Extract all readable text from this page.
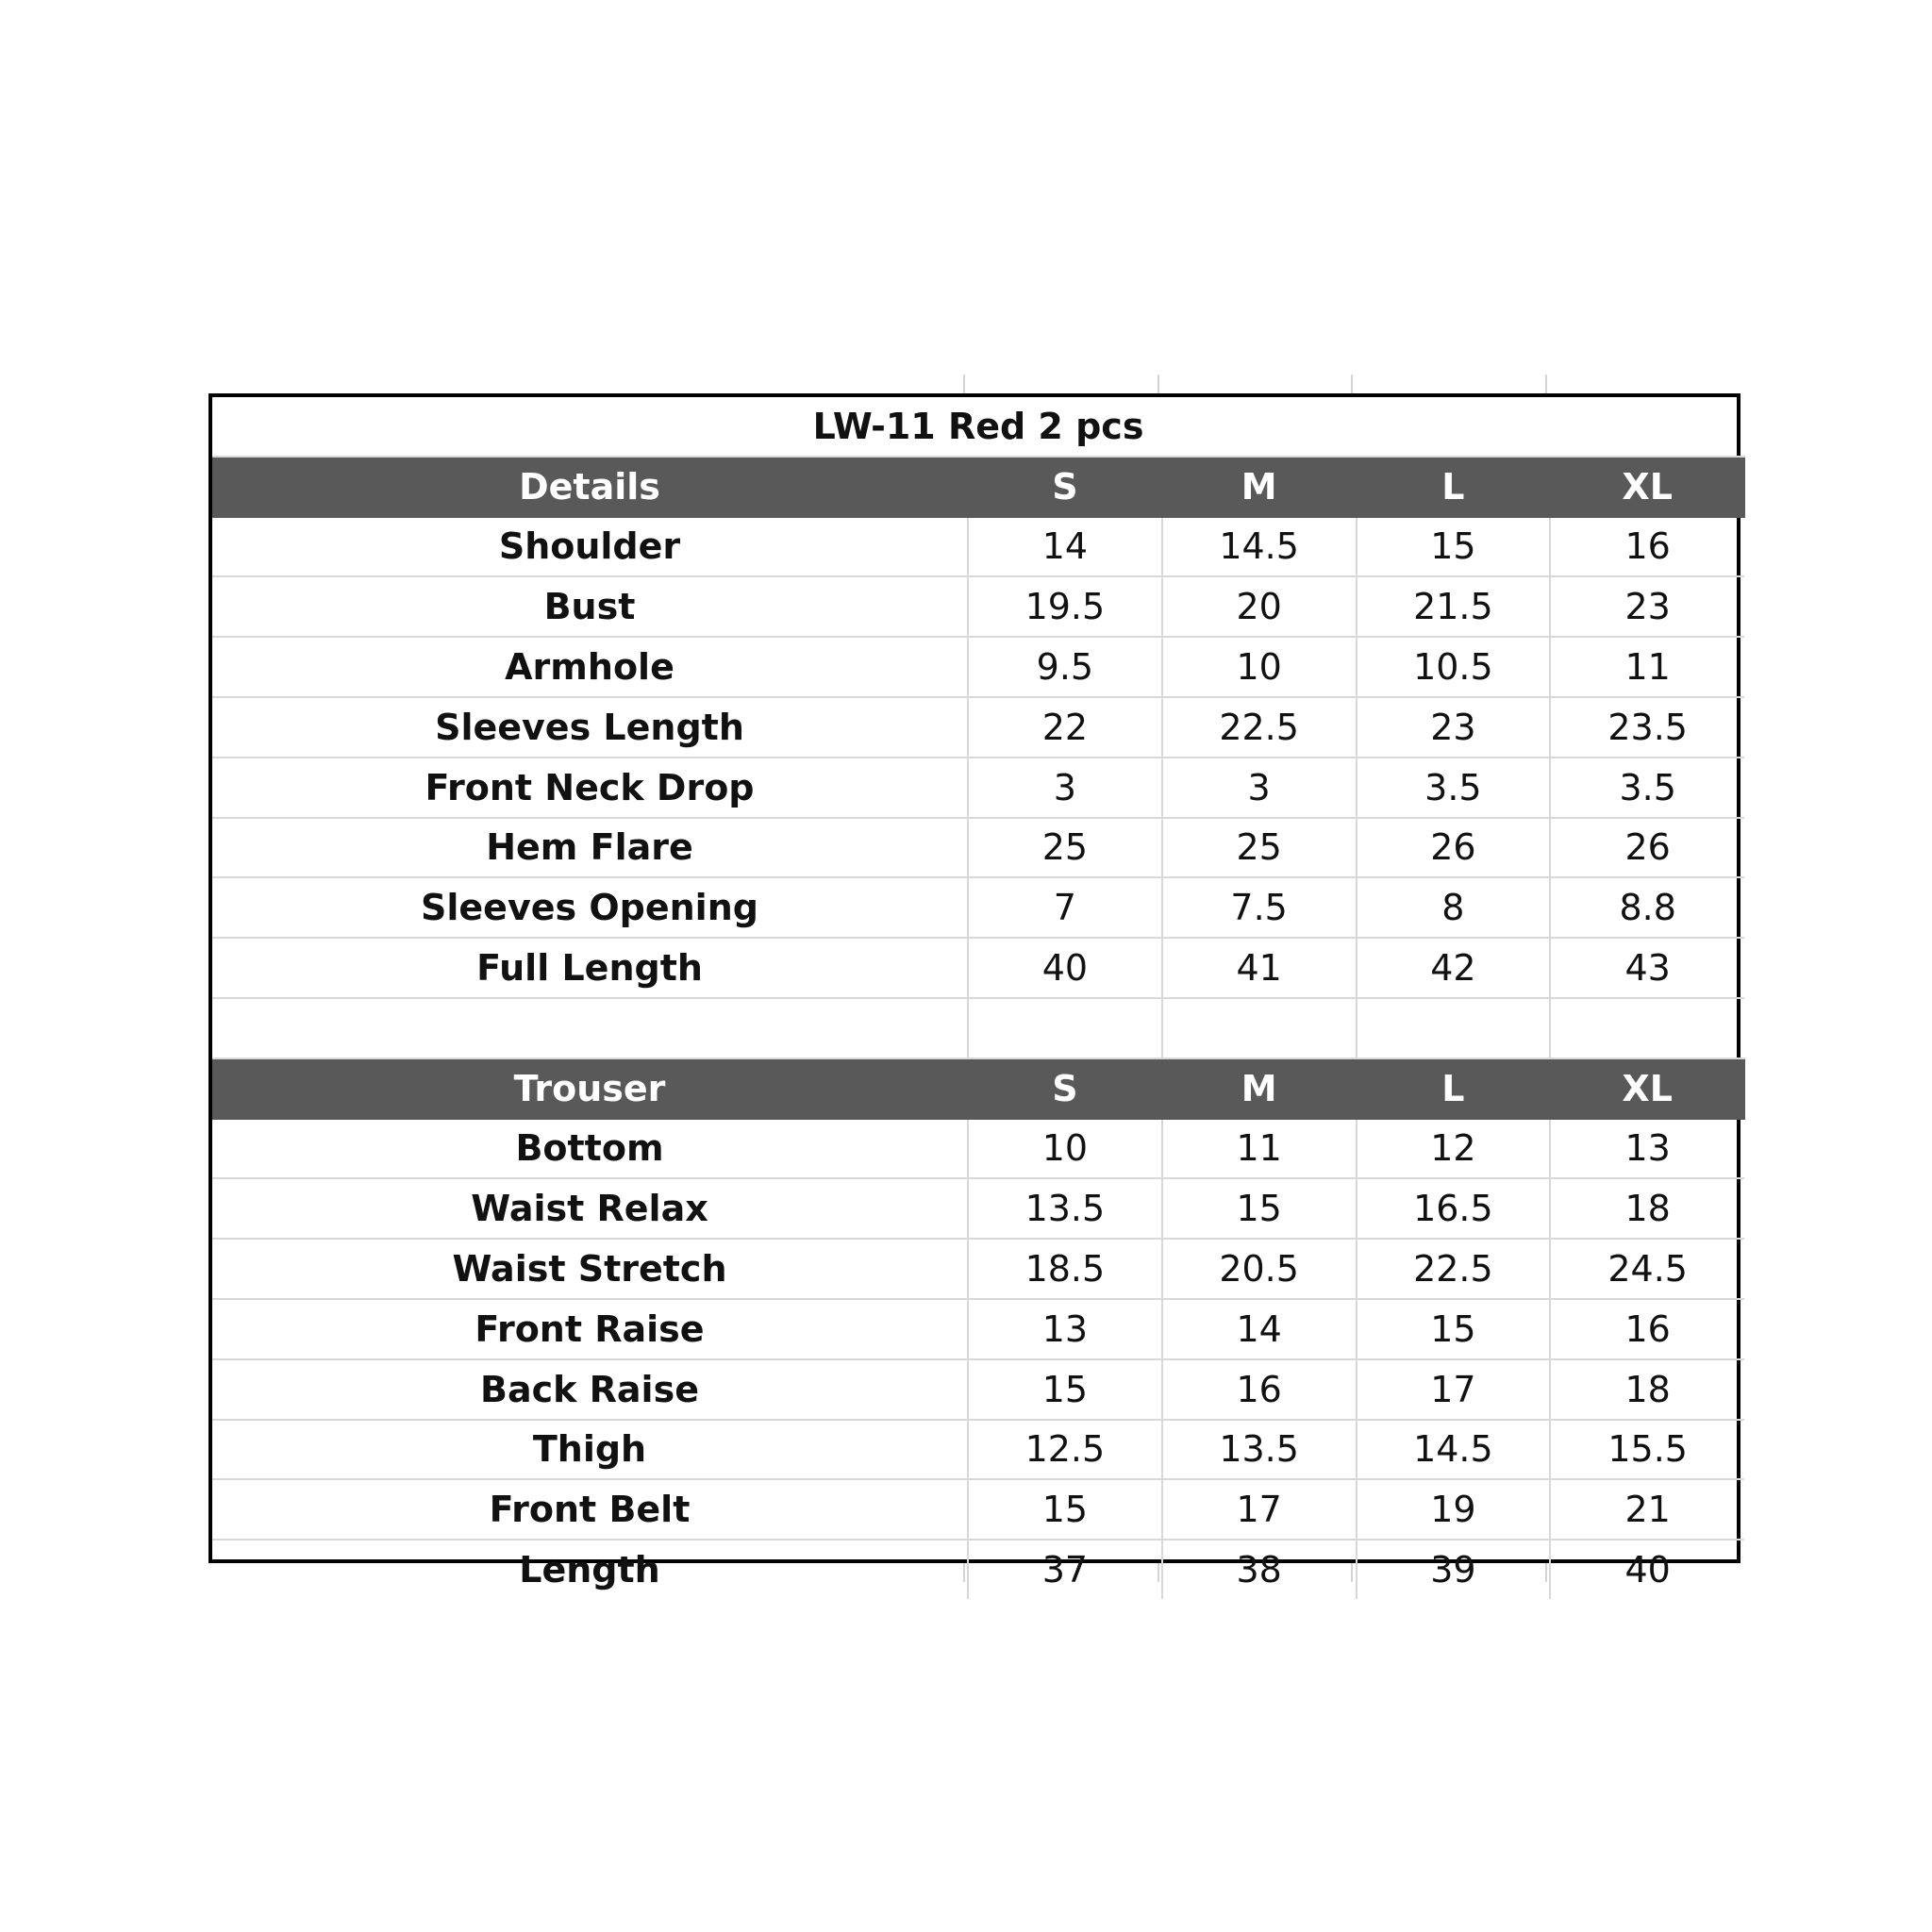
LW-11 Red 2 pcs				
Details	S	M	L	XL
Shoulder	14	14.5	15	16
Bust	19.5	20	21.5	23
Armhole	9.5	10	10.5	11
Sleeves Length	22	22.5	23	23.5
Front Neck Drop	3	3	3.5	3.5
Hem Flare	25	25	26	26
Sleeves Opening	7	7.5	8	8.8
Full Length	40	41	42	43

Trouser	S	M	L	XL
Bottom	10	11	12	13
Waist Relax	13.5	15	16.5	18
Waist Stretch	18.5	20.5	22.5	24.5
Front Raise	13	14	15	16
Back Raise	15	16	17	18
Thigh	12.5	13.5	14.5	15.5
Front Belt	15	17	19	21
Length	37	38	39	40
